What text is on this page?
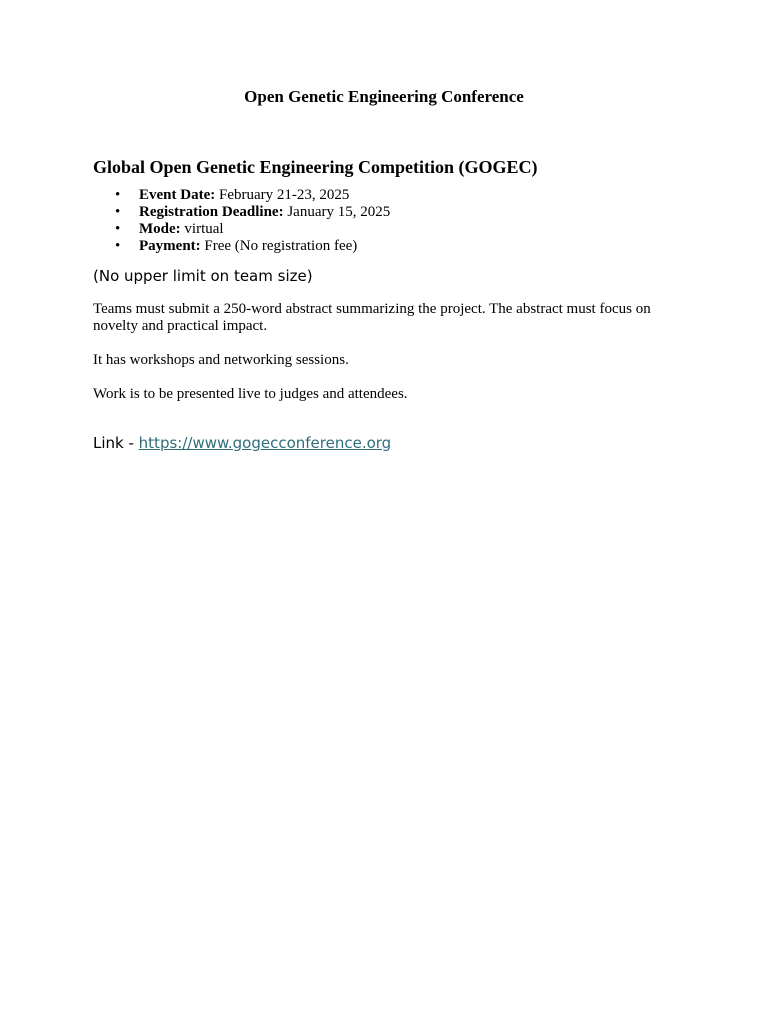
Open Genetic Engineering Conference
Global Open Genetic Engineering Competition (GOGEC)
• Event Date: February 21-23, 2025
• Registration Deadline: January 15, 2025
• Mode: virtual
• Payment: Free (No registration fee)

(No upper limit on team size)

Teams must submit a 250-word abstract summarizing the project. The abstract must focus on novelty and practical impact.

It has workshops and networking sessions.

Work is to be presented live to judges and attendees.

Link - https://www.gogecconference.org
